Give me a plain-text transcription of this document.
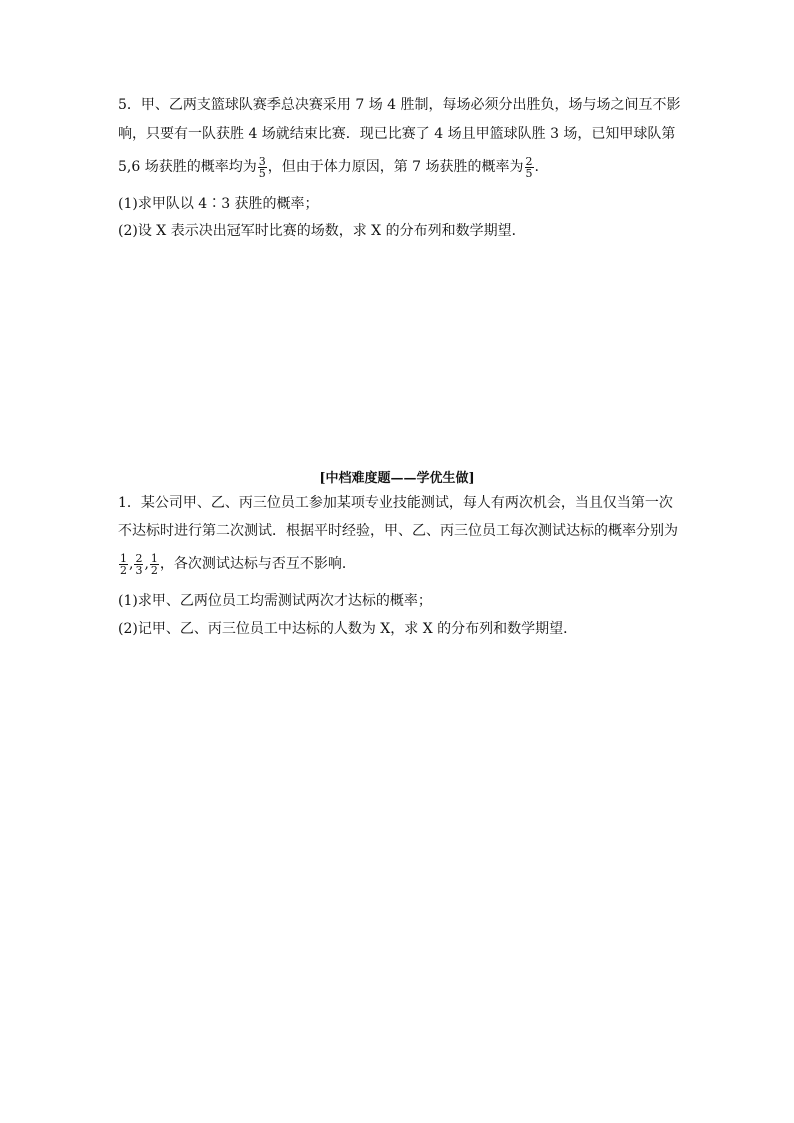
5．甲、乙两支篮球队赛季总决赛采用 7 场 4 胜制，每场必须分出胜负，场与场之间互不影
响，只要有一队获胜 4 场就结束比赛．现已比赛了 4 场且甲篮球队胜 3 场，已知甲球队第
5,6 场获胜的概率均为 $\frac{3}{5}$ ，但由于体力原因，第 7 场获胜的概率为 $\frac{2}{5}$ .
(1)求甲队以 4∶3 获胜的概率；
(2)设 X 表示决出冠军时比赛的场数，求 X 的分布列和数学期望．
[中档难度题——学优生做]
1．某公司甲、乙、丙三位员工参加某项专业技能测试，每人有两次机会，当且仅当第一次
不达标时进行第二次测试．根据平时经验，甲、乙、丙三位员工每次测试达标的概率分别为
$\frac{1}{2}$ , $\frac{2}{3}$ , $\frac{1}{2}$ ，各次测试达标与否互不影响．
(1)求甲、乙两位员工均需测试两次才达标的概率；
(2)记甲、乙、丙三位员工中达标的人数为 X，求 X 的分布列和数学期望．
